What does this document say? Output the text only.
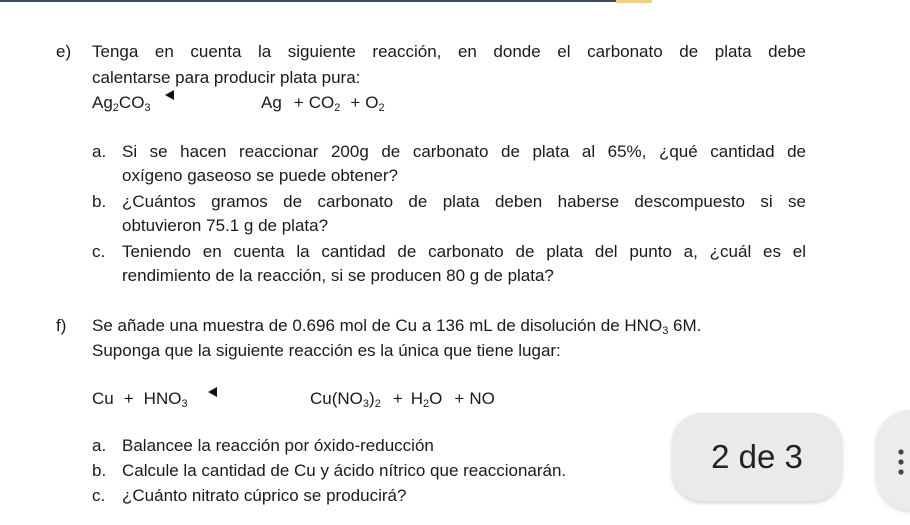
e) Tenga en cuenta la siguiente reacción, en donde el carbonato de plata debe
calentarse para producir plata pura:
$Ag_2CO_3$	$Ag + CO_2 + O_2$
a. Si se hacen reaccionar 200g de carbonato de plata al 65%, ¿qué cantidad de
oxígeno gaseoso se puede obtener?
b. ¿Cuántos gramos de carbonato de plata deben haberse descompuesto si se
obtuvieron 75.1 g de plata?
c. Teniendo en cuenta la cantidad de carbonato de plata del punto a, ¿cuál es el
rendimiento de la reacción, si se producen 80 g de plata?
f) Se añade una muestra de 0.696 mol de Cu a 136 mL de disolución de $HNO_3$ 6M.
Suponga que la siguiente reacción es la única que tiene lugar:
$Cu + HNO_3$	$Cu(NO_3)_2 + H_2O$ + NO
a. Balancee la reacción por óxido-reducción
b. Calcule la cantidad de Cu y ácido nítrico que reaccionarán.
c. ¿Cuánto nitrato cúprico se producirá?
2 de 3
